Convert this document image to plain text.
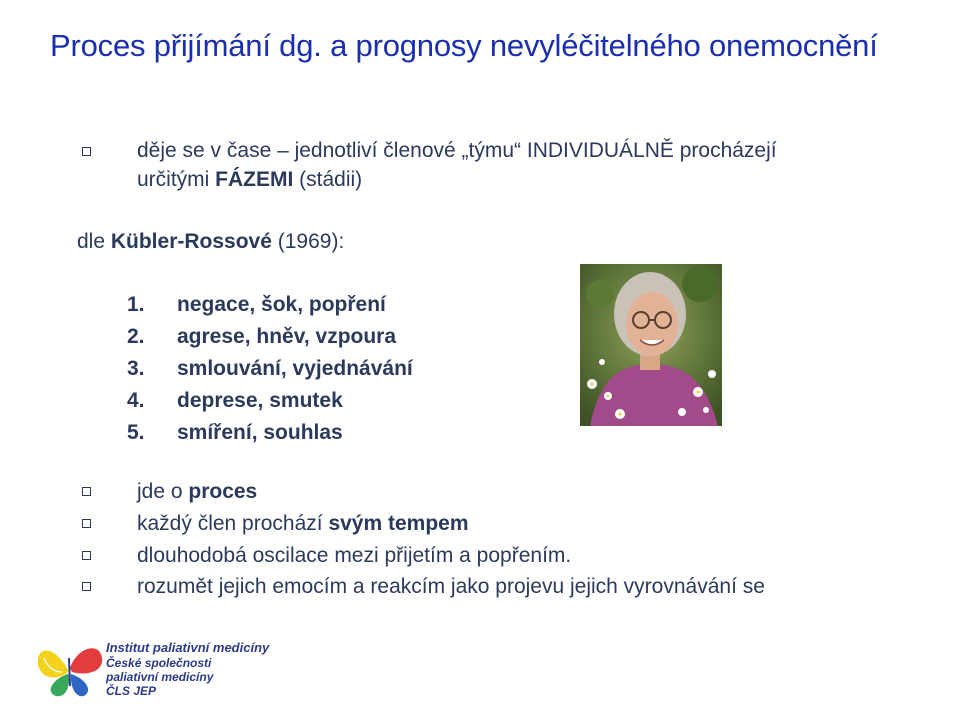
Proces přijímání dg. a prognosy nevyléčitelného onemocnění
děje se v čase – jednotliví členové „týmu“ INDIVIDUÁLNĚ procházejí
určitými FÁZEMI (stádii)
dle Kübler-Rossové (1969):
1. negace, šok, popření
2. agrese, hněv, vzpoura
3. smlouvání, vyjednávání
4. deprese, smutek
5. smíření, souhlas
jde o proces
každý člen prochází svým tempem
dlouhodobá oscilace mezi přijetím a popřením.
rozumět jejich emocím a reakcím jako projevu jejich vyrovnávání se
Institut paliativní medicíny
České společnosti
paliativní medicíny
ČLS JEP
